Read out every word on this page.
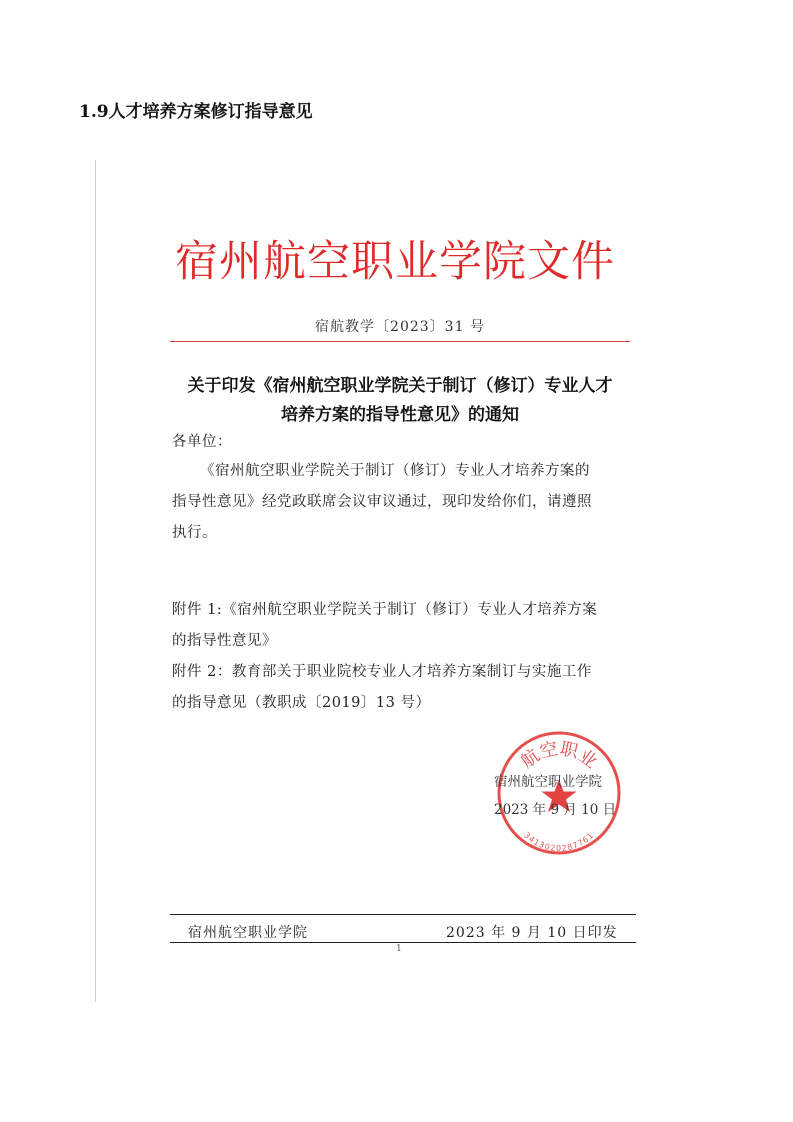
1.9人才培养方案修订指导意见
宿州航空职业学院文件
宿航教学〔2023〕31 号
关于印发《宿州航空职业学院关于制订（修订）专业人才
培养方案的指导性意见》的通知
各单位：
《宿州航空职业学院关于制订（修订）专业人才培养方案的
指导性意见》经党政联席会议审议通过，现印发给你们，请遵照
执行。
附件 1:《宿州航空职业学院关于制订（修订）专业人才培养方案
的指导性意见》
附件 2：教育部关于职业院校专业人才培养方案制订与实施工作
的指导意见（教职成〔2019〕13 号）
航空职业
3413020287761
宿州航空职业学院
2023 年 9 月 10 日
宿州航空职业学院	2023 年 9 月 10 日印发
1
